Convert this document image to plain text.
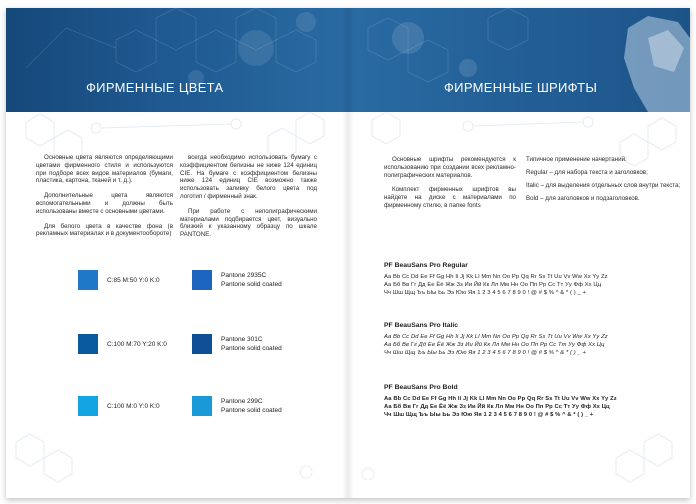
ФИРМЕННЫЕ ЦВЕТА

Основные цвета являются определяющими цветами фирменного стиля и используются при подборе всех видов материалов (бумаги, пластика, картона, тканей и т. д.).

Дополнительные цвета являются вспомогательными и должны быть использованы вместе с основными цветами.

Для белого цвета в качестве фона (в рекламных материалах и в документообороте)

всегда необходимо использовать бумагу с коэффициентом белизны не ниже 124 единиц CIE. На бумаге с коэффициентом белизны ниже 124 единиц CIE возможно также использовать заливку белого цвета под логотип / фирменный знак.

При работе с неполиграфическими материалами подбирается цвет, визуально близкий к указанному образцу по шкале PANTONE.

C:85 M:50 Y:0 K:0
Pantone 2935C
Pantone solid coated
C:100 M:70 Y:20 K:0
Pantone 301C
Pantone solid coated
C:100 M:0 Y:0 K:0
Pantone 299C
Pantone solid coated
ФИРМЕННЫЕ ШРИФТЫ

Основные шрифты рекомендуются к использованию при создании всех рекламно-полиграфических материалов.

Комплект фирменных шрифтов вы найдете на диске с материалами по фирменному стилю, в папке fonts

Типичное применение начертаний:

Regular – для набора текста и заголовков;

Italic – для выделения отдельных слов внутри текста;

Bold – для заголовков и подзаголовков.

PF BeauSans Pro Regular
Aa Bb Cc Dd Ee Ff Gg Hh Ii Jj Kk Ll Mm Nn Oo Pp Qq Rr Ss Tt Uu Vv Ww Xx Yy Zz
Аа Бб Вв Гг Дд Ее Ёё Жж Зз Ии Йй Кк Лл Мм Нн Оо Пп Рр Сс Тт Уу Фф Хх Цц
Чч Шш Щщ Ъъ Ыы Ьь Ээ Юю Яя 1 2 3 4 5 6 7 8 9 0 ! @ # $ % ^ & * ( ) _ +
PF BeauSans Pro Italic
Aa Bb Cc Dd Ee Ff Gg Hh Ii Jj Kk Ll Mm Nn Oo Pp Qq Rr Ss Tt Uu Vv Ww Xx Yy Zz
Аа Бб Вв Гг Дд Ее Ёё Жж Зз Ии Йй Кк Лл Мм Нн Оо Пп Рр Сс Тт Уу Фф Хх Цц
Чч Шш Щщ Ъъ Ыы Ьь Ээ Юю Яя 1 2 3 4 5 6 7 8 9 0 ! @ # $ % ^ & * ( ) _ +
PF BeauSans Pro Bold
Aa Bb Cc Dd Ee Ff Gg Hh Ii Jj Kk Ll Mm Nn Oo Pp Qq Rr Ss Tt Uu Vv Ww Xx Yy Zz
Аа Бб Вв Гг Дд Ее Ёё Жж Зз Ии Йй Кк Лл Мм Нн Оо Пп Рр Сс Тт Уу Фф Хх Цц
Чч Шш Щщ Ъъ Ыы Ьь Ээ Юю Яя 1 2 3 4 5 6 7 8 9 0 ! @ # $ % ^ & * ( ) _ +
